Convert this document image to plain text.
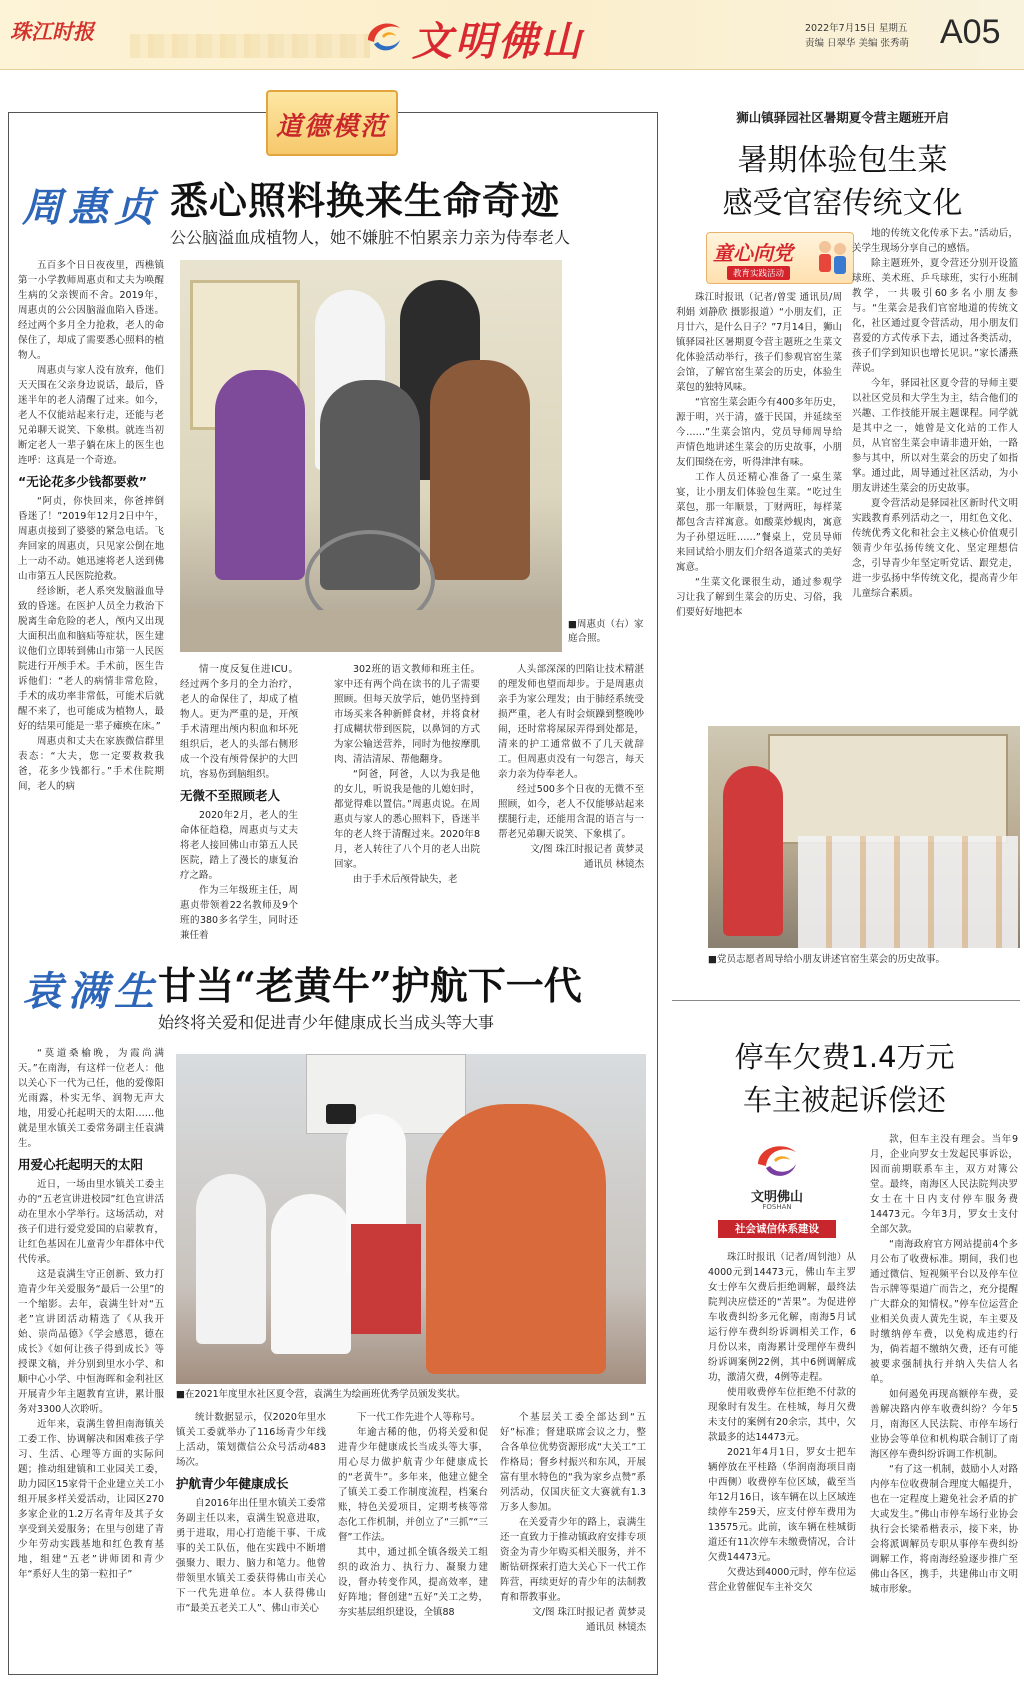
珠江时报	文明佛山	2022年7月15日 星期五
责编 日翠华 美编 张秀萌 A05
道德模范
周惠贞 悉心照料换来生命奇迹
公公脑溢血成植物人，她不嫌脏不怕累亲力亲为侍奉老人

五百多个日日夜夜里，西樵镇第一小学教师周惠贞和丈夫为唤醒生病的父亲锲而不舍。2019年，周惠贞的公公因脑溢血陷入昏迷。经过两个多月全力抢救，老人的命保住了，却成了需要悉心照料的植物人。

周惠贞与家人没有放弃，他们天天围在父亲身边说话，最后，昏迷半年的老人清醒了过来。如今，老人不仅能站起来行走，还能与老兄弟聊天说笑、下象棋。就连当初断定老人一辈子躺在床上的医生也连呼：这真是一个奇迹。

“无论花多少钱都要救”

“阿贞，你快回来，你爸摔倒昏迷了！”2019年12月2日中午，周惠贞接到了婆婆的紧急电话。飞奔回家的周惠贞，只见家公倒在地上一动不动。她迅速将老人送到佛山市第五人民医院抢救。

经诊断，老人系突发脑溢血导致的昏迷。在医护人员全力救治下脱离生命危险的老人，颅内又出现大面积出血和脑疝等症状，医生建议他们立即转到佛山市第一人民医院进行开颅手术。手术前，医生告诉他们：“老人的病情非常危险，手术的成功率非常低，可能术后就醒不来了，也可能成为植物人，最好的结果可能是一辈子瘫痪在床。”

周惠贞和丈夫在家族微信群里表态：“大夫，您一定要救救我爸，花多少钱都行。”手术住院期间，老人的病

■周惠贞（右）家庭合照。

情一度反复住进ICU。经过两个多月的全力治疗，老人的命保住了，却成了植物人。更为严重的是，开颅手术清理出颅内积血和坏死组织后，老人的头部右侧形成一个没有颅骨保护的大凹坑，容易伤到脑组织。

无微不至照顾老人

2020年2月，老人的生命体征趋稳，周惠贞与丈夫将老人接回佛山市第五人民医院，踏上了漫长的康复治疗之路。

作为三年级班主任，周惠贞带领着22名教师及9个班的380多名学生，同时还兼任着

302班的语文教师和班主任。家中还有两个尚在读书的儿子需要照顾。但每天放学后，她仍坚持到市场买来各种新鲜食材，并将食材打成糊状带到医院，以鼻饲的方式为家公输送营养，同时为他按摩肌肉、清洁清尿、帮他翻身。

“阿爸，阿爸，人以为我是他的女儿，听说我是他的儿媳妇时，都觉得难以置信。”周惠贞说。在周惠贞与家人的悉心照料下，昏迷半年的老人终于清醒过来。2020年8月，老人转往了八个月的老人出院回家。

由于手术后颅骨缺失，老

人头部深深的凹陷让技术精湛的理发师也望而却步。于是周惠贞亲手为家公理发；由于肺经系统受损严重，老人有时会烦躁到整晚吵闹，还时常将屎尿弄得到处都是，清来的护工通常做不了几天就辞工。但周惠贞没有一句怨言，每天亲力亲为侍奉老人。

经过500多个日夜的无微不至照顾，如今，老人不仅能够站起来摆腿行走，还能用含混的语言与一帮老兄弟聊天说笑、下象棋了。

文/图 珠江时报记者 黄梦灵
通讯员 林镜杰
袁满生
甘当“老黄牛”护航下一代
始终将关爱和促进青少年健康成长当成头等大事

“莫道桑榆晚，为霞尚满天。”在南海，有这样一位老人：他以关心下一代为己任，他的爱像阳光雨露，朴实无华、润物无声大地，用爱心托起明天的太阳……他就是里水镇关工委常务副主任袁满生。

用爱心托起明天的太阳

近日，一场由里水镇关工委主办的“五老宣讲进校园”红色宣讲活动在里水小学举行。这场活动，对孩子们进行爱党爱国的启蒙教育，让红色基因在儿童青少年群体中代代传承。

这是袁满生守正创新、致力打造青少年关爱服务“最后一公里”的一个缩影。去年，袁满生针对“五老”宣讲团活动精选了《从我开始、崇尚品德》《学会感恩，德在成长》《如何让孩子得到成长》等授课文稿，并分别到里水小学、和顺中心小学、中恒海晖和金利社区开展青少年主题教育宣讲，累计服务对3300人次聆听。

近年来，袁满生曾担南海镇关工委工作、协调解决和困难孩子学习、生活、心理等方面的实际问题；推动组建镇和工业园关工委，助力园区15家骨干企业建立关工小组开展多样关爱活动，让园区270多家企业的1.2万名青年及其子女享受到关爱服务；在里与创建了青少年劳动实践基地和红色教育基地，组建“五老”讲师团和青少年“系好人生的第一粒扣子”

■在2021年度里水社区夏令营，袁满生为绘画班优秀学员颁发奖状。

统计数据显示，仅2020年里水镇关工委就举办了116场青少年线上活动，策划微信公众号活动483场次。

护航青少年健康成长

自2016年出任里水镇关工委常务副主任以来，袁满生锐意进取，勇于进取，用心打造能干事、干成事的关工队伍，他在实践中不断增强聚力、眼力、脑力和笔力。他曾带领里水镇关工委获得佛山市关心下一代先进单位。本人获得佛山市“最美五老关工人”、佛山市关心

下一代工作先进个人等称号。

年逾古稀的他，仍将关爱和促进青少年健康成长当成头等大事，用心尽力做护航青少年健康成长的“老黄牛”。多年来，他建立健全了镇关工委工作制度流程，档案台账，特色关爱项目，定期考核等常态化工作机制，并创立了“三抓”“三督”工作法。

其中，通过抓全镇各级关工组织的政治力、执行力、凝聚力建设，督办转变作风，提高效率，建好阵地；督创建“五好”关工之势，夯实基层组织建设，全镇88

个基层关工委全部达到“五好”标准；督建联席会议之力，整合各单位优势资源形成“大关工”工作格局；督乡村振兴和东风，开展富有里水特色的“我为家乡点赞”系列活动，仅国庆征文大赛就有1.3万多人参加。

在关爱青少年的路上，袁满生还一直致力于推动镇政府安排专项资金为青少年购买相关服务，并不断钻研探索打造大关心下一代工作阵营，再续更好的青少年的法制教育和帮教事业。

文/图 珠江时报记者 黄梦灵
通讯员 林镜杰
狮山镇驿园社区暑期夏令营主题班开启
暑期体验包生菜
感受官窑传统文化
童心向党
教育实践活动

珠江时报讯（记者/曾雯 通讯员/周利娟 刘静欣 摄影报道）“小朋友们，正月廿六，是什么日子？”7月14日，狮山镇驿园社区暑期夏令营主题班之生菜文化体验活动举行，孩子们参观官窑生菜会馆，了解官窑生菜会的历史，体验生菜包的独特风味。

“官窑生菜会距今有400多年历史，源于明，兴于清，盛于民国，并延续至今……”生菜会馆内，党员导师周导给声情色地讲述生菜会的历史故事，小朋友们围绕在旁，听得津津有味。

工作人员还精心准备了一桌生菜宴，让小朋友们体验包生菜。“吃过生菜包，那一年顺景，丁财两旺，每样菜都包含吉祥寓意。如酸菜炒蚬肉，寓意为子孙望远旺……”餐桌上，党员导师来回试给小朋友们介绍各道菜式的美好寓意。

“生菜文化课很生动，通过参观学习让我了解到生菜会的历史、习俗，我们要好好地把本

地的传统文化传承下去。”活动后，关学生现场分享自己的感悟。

除主题班外，夏令营还分别开设篮球班、美术班、乒乓球班，实行小班制教学，一共吸引60多名小朋友参与。“生菜会是我们官窑地道的传统文化，社区通过夏令营活动，用小朋友们喜爱的方式传承下去，通过各类活动，孩子们学到知识也增长见识。”家长潘燕萍说。

今年，驿园社区夏令营的导师主要以社区党员和大学生为主，结合他们的兴趣、工作技能开展主题课程。同学就是其中之一，她曾是文化站的工作人员，从官窑生菜会申请非遗开始，一路参与其中，所以对生菜会的历史了如指掌。通过此，周导通过社区活动，为小朋友讲述生菜会的历史故事。

夏令营活动是驿园社区新时代文明实践教育系列活动之一，用红色文化、传统优秀文化和社会主义核心价值观引领青少年弘扬传统文化、坚定理想信念，引导青少年坚定听党话、跟党走，进一步弘扬中华传统文化，提高青少年儿童综合素质。

■党员志愿者周导给小朋友讲述官窑生菜会的历史故事。
停车欠费1.4万元
车主被起诉偿还
文明佛山
FOSHAN
社会诚信体系建设

珠江时报讯（记者/周钊池）从4000元到14473元，佛山车主罗女士停车欠费后拒绝调解，最终法院判决应偿还的“苦果”。为促进停车收费纠纷多元化解，南海5月试运行停车费纠纷诉调相关工作，6月份以来，南海累计受理停车费纠纷诉调案例22例，其中6例调解成功，激清欠费，4例等走程。

使用收费停车位拒绝不付款的现象时有发生。在桂城，每月欠费未支付的案例有20余宗，其中，欠款最多的达14473元。

2021年4月1日，罗女士把车辆停放在平桂路（华润南海项目南中西侧）收费停车位区域，截至当年12月16日，该车辆在以上区域连续停车259天，应支付停车费用为13575元。此前，该车辆在桂城街道还有11次停车未缴费情况，合计欠费14473元。

欠费达到4000元时，停车位运营企业曾催促车主补交欠

款，但车主没有理会。当年9月，企业向罗女士发起民事诉讼，因而前期联系车主，双方对簿公堂。最终，南海区人民法院判决罗女士在十日内支付停车服务费14473元。今年3月，罗女士支付全部欠款。

“南海政府官方网站提前4个多月公布了收费标准。期间，我们也通过微信、短视频平台以及停车位告示牌等渠道广而告之，充分提醒广大群众的知情权。”停车位运营企业相关负责人黄先生说，车主要及时缴纳停车费，以免构成违约行为，倘若超不缴纳欠费，还有可能被要求强制执行并纳入失信人名单。

如何遏免再现高额停车费，妥善解决路内停车收费纠纷？今年5月，南海区人民法院、市停车场行业协会等单位和机构联合制订了南海区停车费纠纷诉调工作机制。

“有了这一机制，鼓励小人对路内停车位收费制合理度大幅提升，也在一定程度上避免社会矛盾的扩大或发生。”佛山市停车场行业协会执行会长梁希楷表示，接下来，协会将派调解员专职从事停车费纠纷调解工作，将南海经验逐步推广至佛山各区，携手，共建佛山市文明城市形象。
